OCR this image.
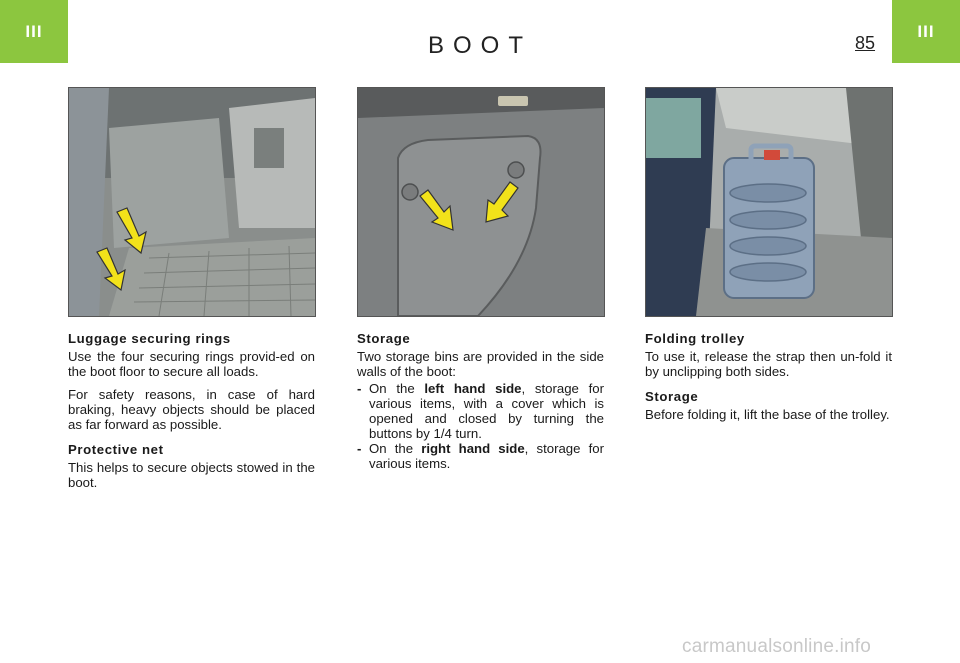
III
BOOT	85
III
Luggage securing rings

Use the four securing rings provid-ed on the boot floor to secure all loads.

For safety reasons, in case of hard braking, heavy objects should be placed as far forward as possible.

Protective net

This helps to secure objects stowed in the boot.

Storage

Two storage bins are provided in the side walls of the boot:

- On the left hand side, storage for various items, with a cover which is opened and closed by turning the buttons by 1/4 turn.
- On the right hand side, storage for various items.
Folding trolley

To use it, release the strap then un-fold it by unclipping both sides.

Storage

Before folding it, lift the base of the trolley.

carmanualsonline.info
